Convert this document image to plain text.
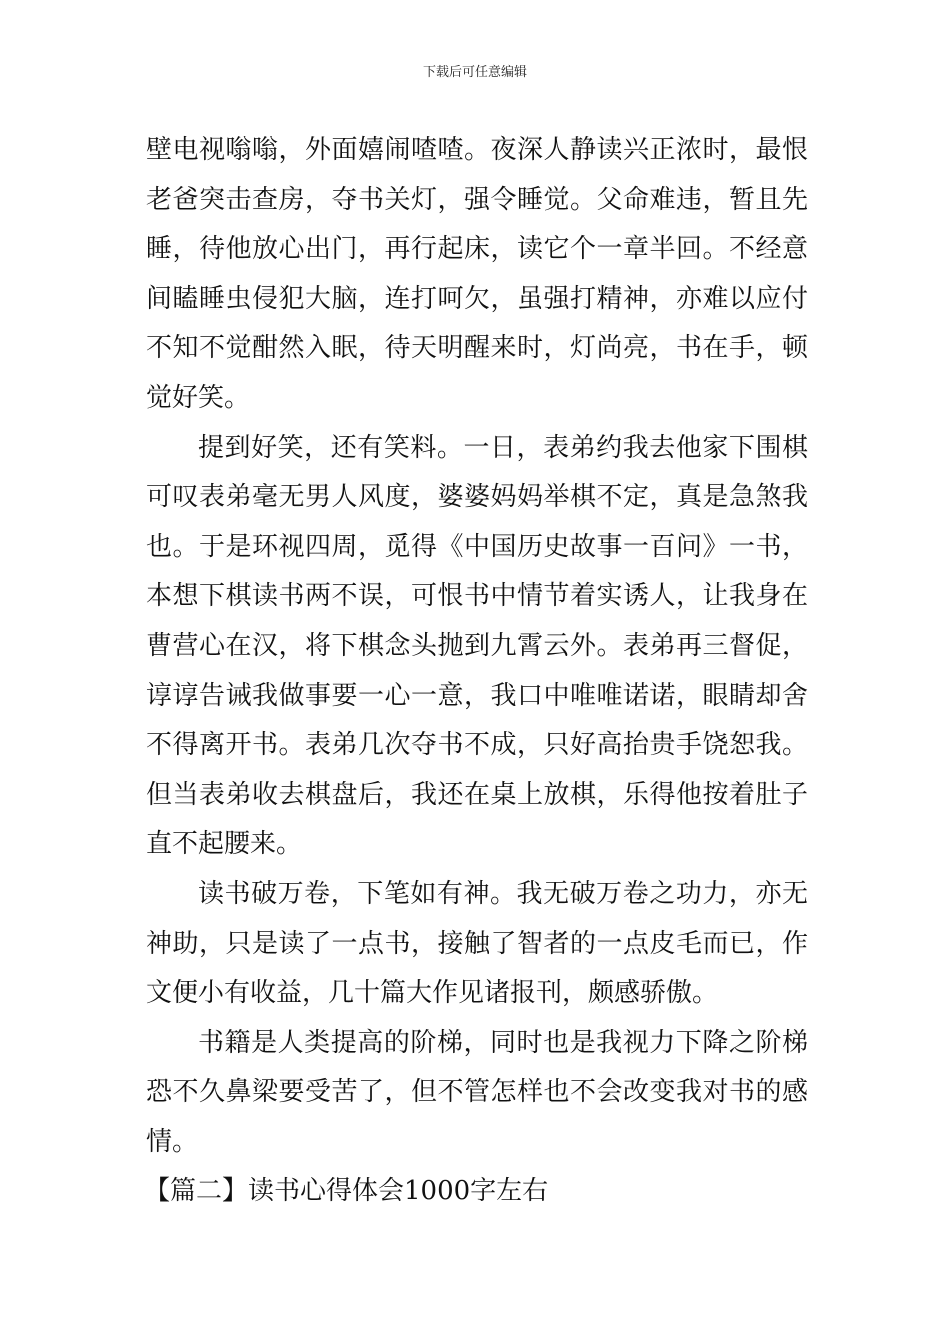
下载后可任意编辑

壁电视嗡嗡，外面嬉闹喳喳。夜深人静读兴正浓时，最恨老爸突击查房，夺书关灯，强令睡觉。父命难违，暂且先睡，待他放心出门，再行起床，读它个一章半回。不经意间瞌睡虫侵犯大脑，连打呵欠，虽强打精神，亦难以应付不知不觉酣然入眠，待天明醒来时，灯尚亮，书在手，顿觉好笑。

提到好笑，还有笑料。一日，表弟约我去他家下围棋可叹表弟毫无男人风度，婆婆妈妈举棋不定，真是急煞我也。于是环视四周，觅得《中国历史故事一百问》一书，本想下棋读书两不误，可恨书中情节着实诱人，让我身在曹营心在汉，将下棋念头抛到九霄云外。表弟再三督促，谆谆告诫我做事要一心一意，我口中唯唯诺诺，眼睛却舍不得离开书。表弟几次夺书不成，只好高抬贵手饶恕我。但当表弟收去棋盘后，我还在桌上放棋，乐得他按着肚子直不起腰来。

读书破万卷，下笔如有神。我无破万卷之功力，亦无神助，只是读了一点书，接触了智者的一点皮毛而已，作文便小有收益，几十篇大作见诸报刊，颇感骄傲。

书籍是人类提高的阶梯，同时也是我视力下降之阶梯恐不久鼻梁要受苦了，但不管怎样也不会改变我对书的感情。

【篇二】读书心得体会1000字左右
